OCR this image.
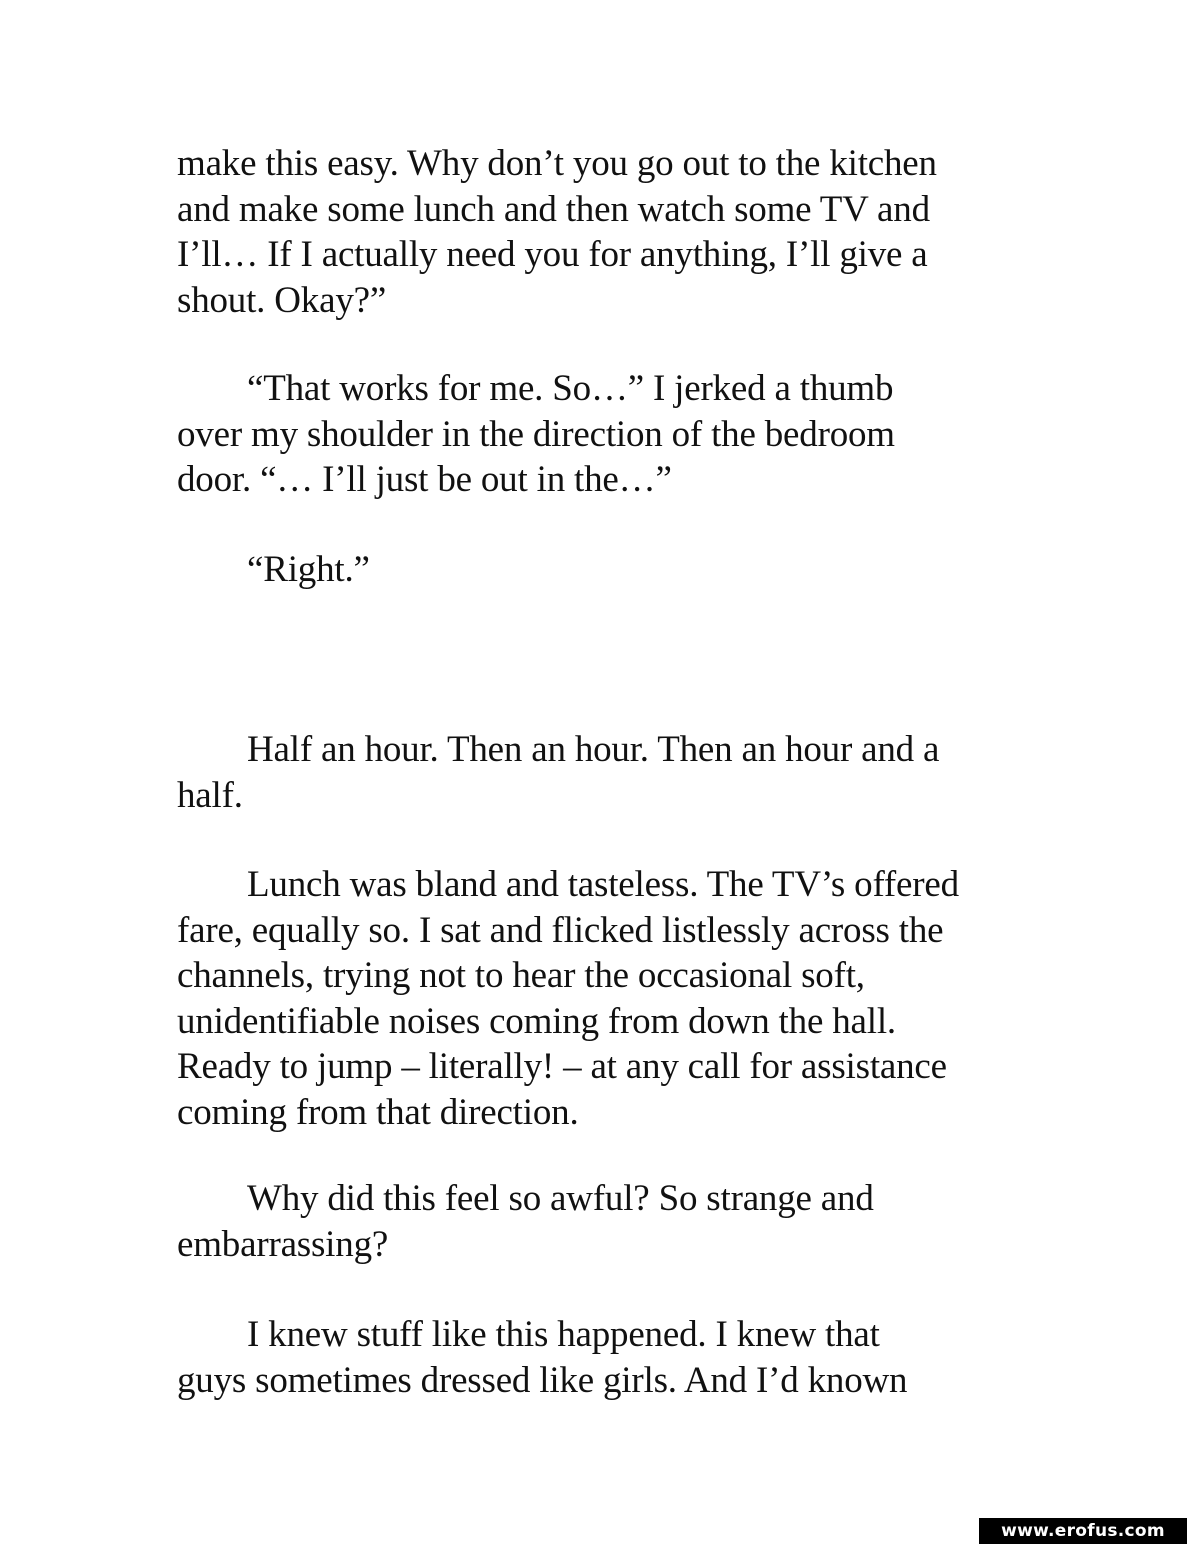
make this easy. Why don’t you go out to the kitchen
and make some lunch and then watch some TV and
I’ll… If I actually need you for anything, I’ll give a
shout. Okay?”

“That works for me. So…” I jerked a thumb
over my shoulder in the direction of the bedroom
door. “… I’ll just be out in the…”

“Right.”

Half an hour. Then an hour. Then an hour and a
half.

Lunch was bland and tasteless. The TV’s offered
fare, equally so. I sat and flicked listlessly across the
channels, trying not to hear the occasional soft,
unidentifiable noises coming from down the hall.
Ready to jump – literally! – at any call for assistance
coming from that direction.

Why did this feel so awful? So strange and
embarrassing?

I knew stuff like this happened. I knew that
guys sometimes dressed like girls. And I’d known

www.erofus.com
